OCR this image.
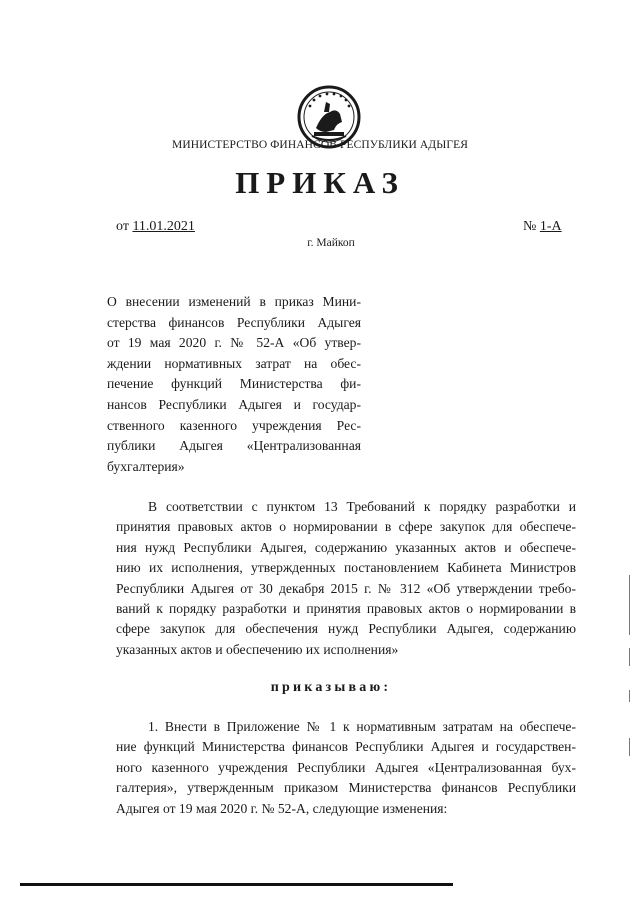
МИНИСТЕРСТВО ФИНАНСОВ РЕСПУБЛИКИ АДЫГЕЯ
ПРИКАЗ
от 11.01.2021	№ 1-А
г. Майкоп
О внесении изменений в приказ Мини-
стерства финансов Республики Адыгея
от 19 мая 2020 г. № 52-А «Об утвер-
ждении нормативных затрат на обес-
печение функций Министерства фи-
нансов Республики Адыгея и государ-
ственного казенного учреждения Рес-
публики Адыгея «Централизованная
бухгалтерия»
В соответствии с пунктом 13 Требований к порядку разработки и
принятия правовых актов о нормировании в сфере закупок для обеспече-
ния нужд Республики Адыгея, содержанию указанных актов и обеспече-
нию их исполнения, утвержденных постановлением Кабинета Министров
Республики Адыгея от 30 декабря 2015 г. № 312 «Об утверждении требо-
ваний к порядку разработки и принятия правовых актов о нормировании в
сфере закупок для обеспечения нужд Республики Адыгея, содержанию
указанных актов и обеспечению их исполнения»
приказываю:
1. Внести в Приложение № 1 к нормативным затратам на обеспече-
ние функций Министерства финансов Республики Адыгея и государствен-
ного казенного учреждения Республики Адыгея «Централизованная бух-
галтерия», утвержденным приказом Министерства финансов Республики
Адыгея от 19 мая 2020 г. № 52-А, следующие изменения:
